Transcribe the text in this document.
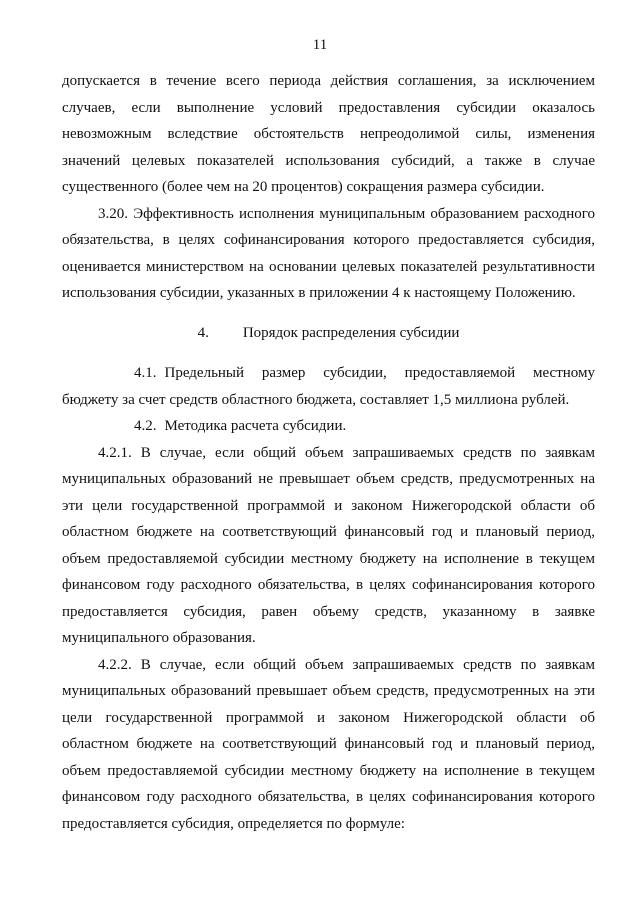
11

допускается в течение всего периода действия соглашения, за исключением случаев, если выполнение условий предоставления субсидии оказалось невозможным вследствие обстоятельств непреодолимой силы, изменения значений целевых показателей использования субсидий, а также в случае существенного (более чем на 20 процентов) сокращения размера субсидии.

3.20. Эффективность исполнения муниципальным образованием расходного обязательства, в целях софинансирования которого предоставляется субсидия, оценивается министерством на основании целевых показателей результативности использования субсидии, указанных в приложении 4 к настоящему Положению.

4. Порядок распределения субсидии

4.1. Предельный размер субсидии, предоставляемой местному бюджету за счет средств областного бюджета, составляет 1,5 миллиона рублей.

4.2. Методика расчета субсидии.

4.2.1. В случае, если общий объем запрашиваемых средств по заявкам муниципальных образований не превышает объем средств, предусмотренных на эти цели государственной программой и законом Нижегородской области об областном бюджете на соответствующий финансовый год и плановый период, объем предоставляемой субсидии местному бюджету на исполнение в текущем финансовом году расходного обязательства, в целях софинансирования которого предоставляется субсидия, равен объему средств, указанному в заявке муниципального образования.

4.2.2. В случае, если общий объем запрашиваемых средств по заявкам муниципальных образований превышает объем средств, предусмотренных на эти цели государственной программой и законом Нижегородской области об областном бюджете на соответствующий финансовый год и плановый период, объем предоставляемой субсидии местному бюджету на исполнение в текущем финансовом году расходного обязательства, в целях софинансирования которого предоставляется субсидия, определяется по формуле:
